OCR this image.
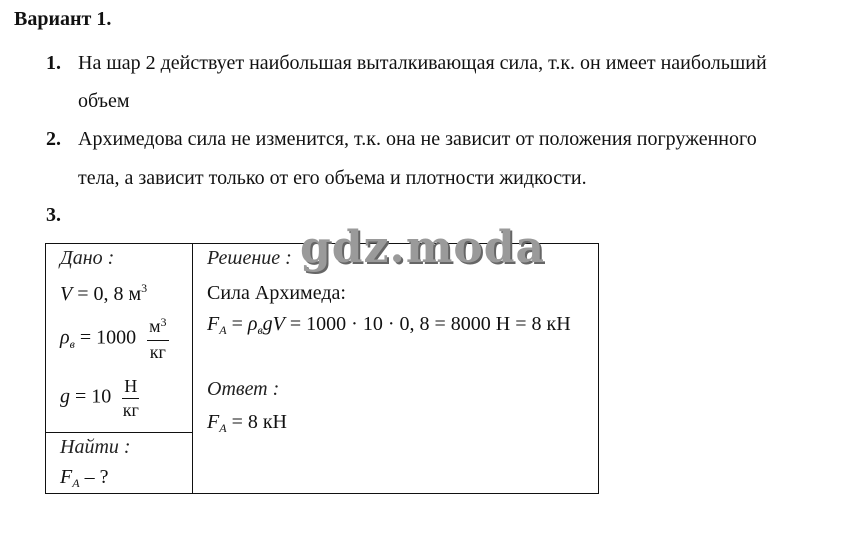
Вариант 1.
1. На шар 2 действует наибольшая выталкивающая сила, т.к. он имеет наибольший
объем
2. Архимедова сила не изменится, т.к. она не зависит от положения погруженного
тела, а зависит только от его объема и плотности жидкости.
3.
Дано :
V = 0, 8 $м^3$
$\rho_в = 1000 \frac{м^3}{кг}$
$g = 10 \frac{Н}{кг}$
Найти :
$F_A$ – ?
Решение :
Сила Архимеда:
$F_A = \rho_вgV = 1000 \cdot 10 \cdot 0$, 8 = 8000 Н = 8 кН
Ответ :
$F_A = 8$ кН
gdz.moda
